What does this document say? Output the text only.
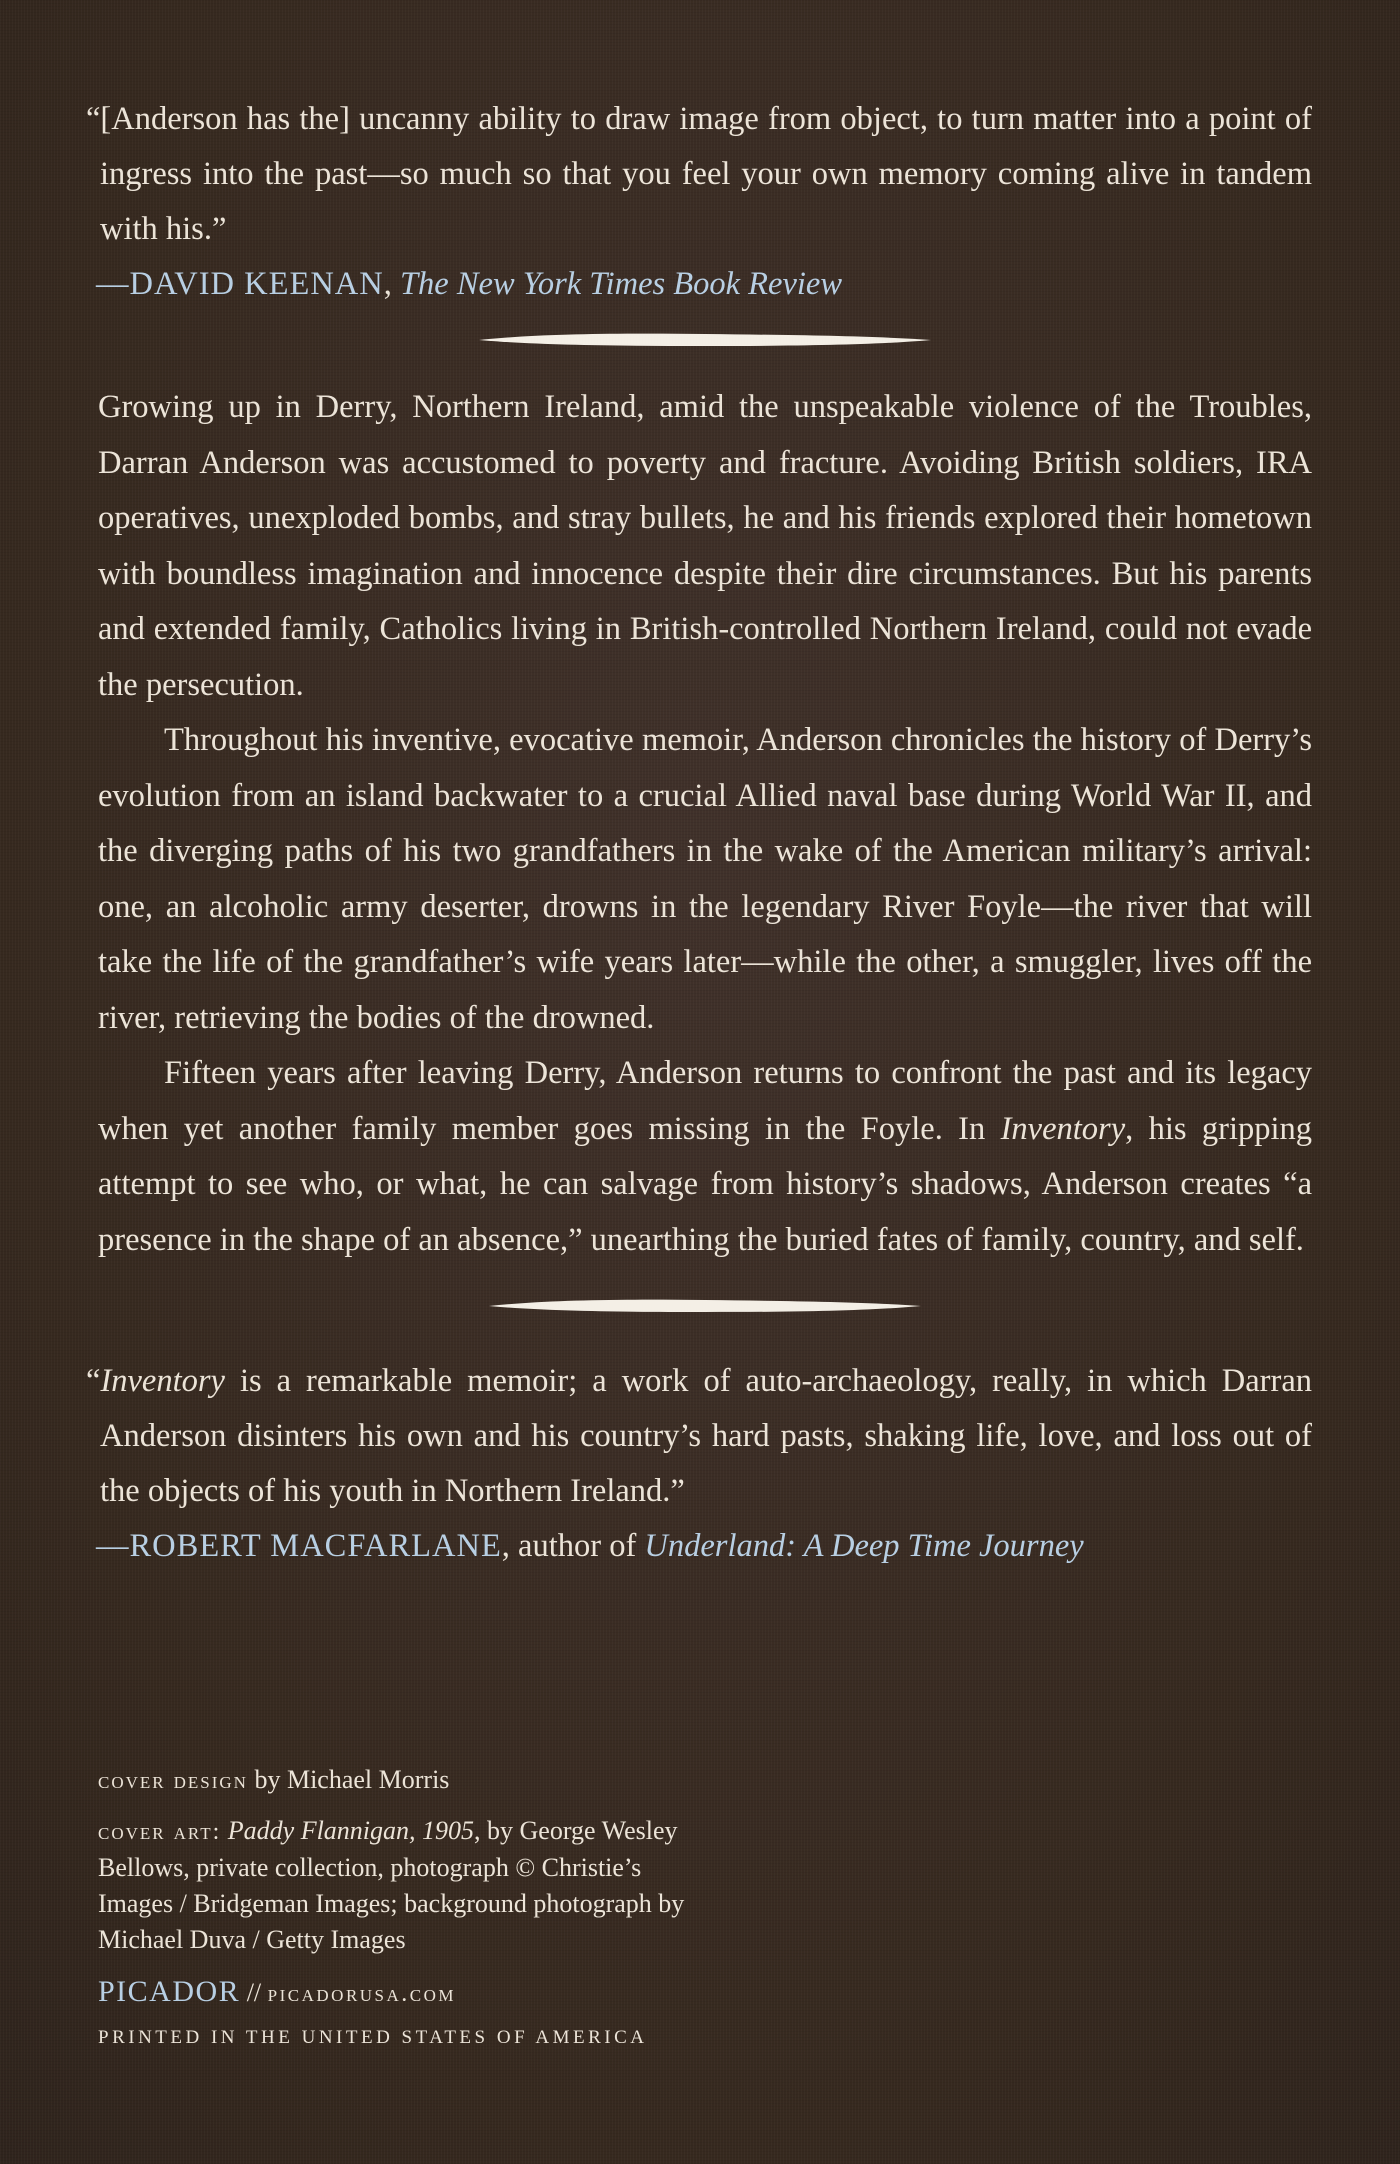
“[Anderson has the] uncanny ability to draw image from object, to turn matter into a point of ingress into the past—so much so that you feel your own memory coming alive in tandem with his.”

—DAVID KEENAN, The New York Times Book Review

Growing up in Derry, Northern Ireland, amid the unspeakable violence of the Troubles, Darran Anderson was accustomed to poverty and fracture. Avoiding British soldiers, IRA operatives, unexploded bombs, and stray bullets, he and his friends explored their hometown with boundless imagination and innocence despite their dire circumstances. But his parents and extended family, Catholics living in British-controlled Northern Ireland, could not evade the persecution.

Throughout his inventive, evocative memoir, Anderson chronicles the history of Derry’s evolution from an island backwater to a crucial Allied naval base during World War II, and the diverging paths of his two grandfathers in the wake of the American military’s arrival: one, an alcoholic army deserter, drowns in the legendary River Foyle—the river that will take the life of the grandfather’s wife years later—while the other, a smuggler, lives off the river, retrieving the bodies of the drowned.

Fifteen years after leaving Derry, Anderson returns to confront the past and its legacy when yet another family member goes missing in the Foyle. In Inventory, his gripping attempt to see who, or what, he can salvage from history’s shadows, Anderson creates “a presence in the shape of an absence,” unearthing the buried fates of family, country, and self.

“Inventory is a remarkable memoir; a work of auto-archaeology, really, in which Darran Anderson disinters his own and his country’s hard pasts, shaking life, love, and loss out of the objects of his youth in Northern Ireland.”

—ROBERT MACFARLANE, author of Underland: A Deep Time Journey

cover design by Michael Morris

cover art: Paddy Flannigan, 1905, by George Wesley Bellows, private collection, photograph © Christie’s Images / Bridgeman Images; background photograph by Michael Duva / Getty Images

PICADOR // picadorusa.com

PRINTED IN THE UNITED STATES OF AMERICA
